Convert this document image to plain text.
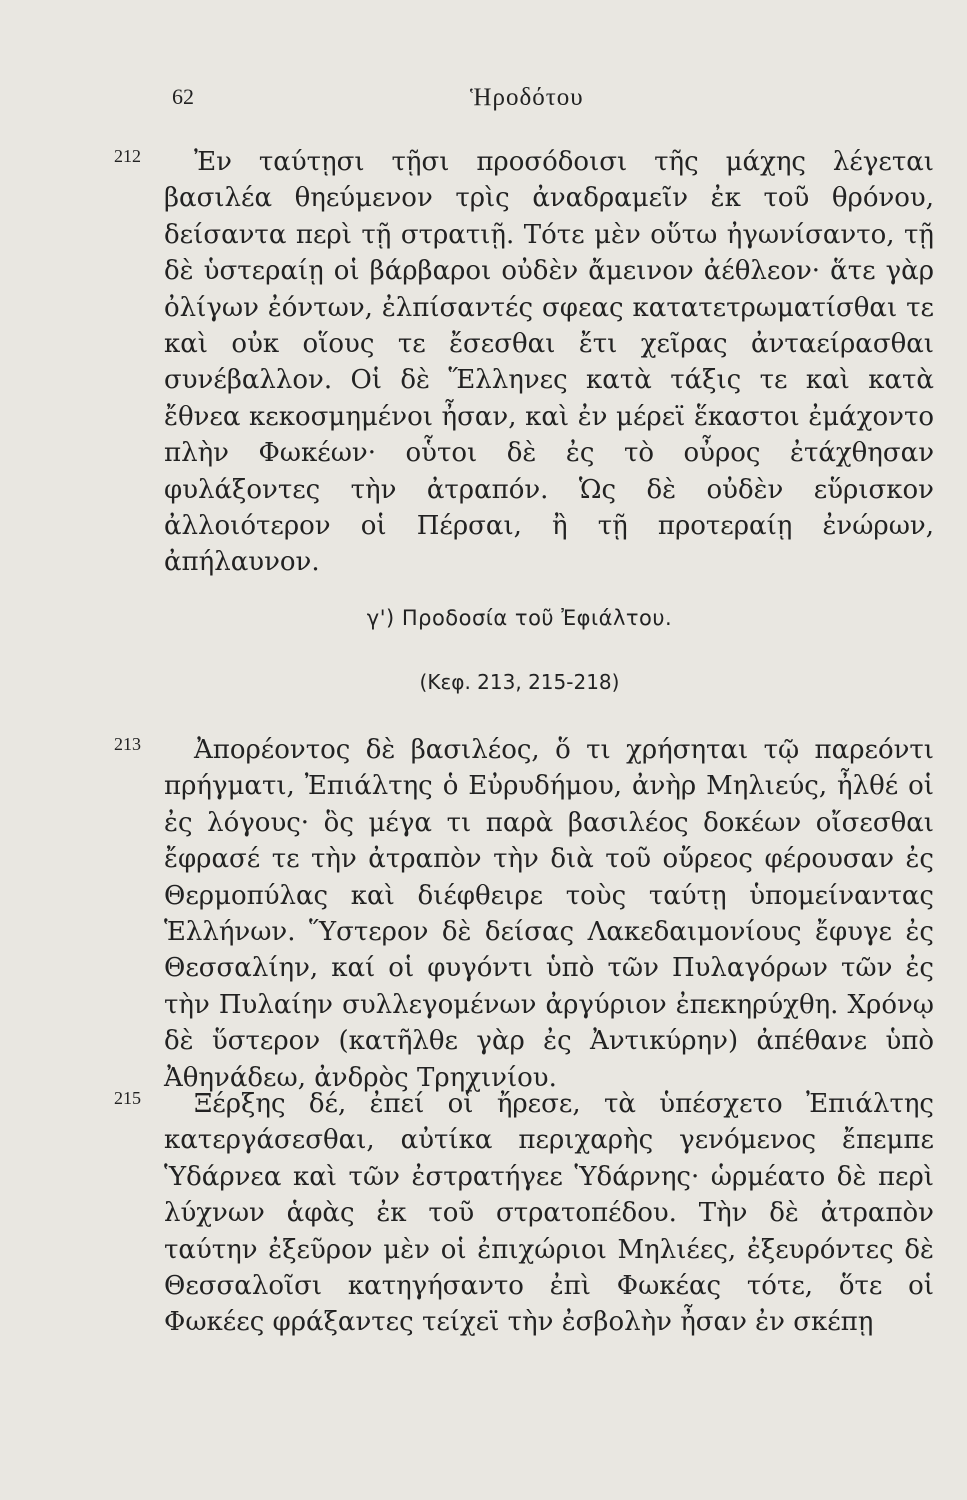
62	Ἡροδότου
212	Ἐν ταύτῃσι τῇσι προσόδοισι τῆς μάχης λέγεται βασιλέα θηεύμενον τρὶς ἀναδραμεῖν ἐκ τοῦ θρόνου, δείσαντα περὶ τῇ στρατιῇ. Τότε μὲν οὕτω ἠγωνίσαντο, τῇ δὲ ὑστεραίῃ οἱ βάρβαροι οὐδὲν ἄμεινον ἀέθλεον· ἅτε γὰρ ὀλίγων ἐόντων, ἐλπίσαντές σφεας κατατετρωματίσθαι τε καὶ οὐκ οἵους τε ἔσεσθαι ἔτι χεῖρας ἀνταείρασθαι συνέβαλλον. Οἱ δὲ Ἕλληνες κατὰ τάξις τε καὶ κατὰ ἔθνεα κεκοσμημένοι ἦσαν, καὶ ἐν μέρεϊ ἕκαστοι ἐμάχοντο πλὴν Φωκέων· οὗτοι δὲ ἐς τὸ οὖρος ἐτάχθησαν φυλάξοντες τὴν ἀτραπόν. Ὡς δὲ οὐδὲν εὕρισκον ἀλλοιότερον οἱ Πέρσαι, ἢ τῇ προτεραίῃ ἐνώρων, ἀπήλαυνον.

γ') Προδοσία τοῦ Ἐφιάλτου.
(Κεφ. 213, 215-218)
213	Ἀπορέοντος δὲ βασιλέος, ὅ τι χρήσηται τῷ παρεόντι πρήγματι, Ἐπιάλτης ὁ Εὐρυδήμου, ἀνὴρ Μηλιεύς, ἦλθέ οἱ ἐς λόγους· ὃς μέγα τι παρὰ βασιλέος δοκέων οἴσεσθαι ἔφρασέ τε τὴν ἀτραπὸν τὴν διὰ τοῦ οὔρεος φέρουσαν ἐς Θερμοπύλας καὶ διέφθειρε τοὺς ταύτῃ ὑπομείναντας Ἑλλήνων. Ὕστερον δὲ δείσας Λακεδαιμονίους ἔφυγε ἐς Θεσσαλίην, καί οἱ φυγόντι ὑπὸ τῶν Πυλαγόρων τῶν ἐς τὴν Πυλαίην συλλεγομένων ἀργύριον ἐπεκηρύχθη. Χρόνῳ δὲ ὕστερον (κατῆλθε γὰρ ἐς Ἀντικύρην) ἀπέθανε ὑπὸ Ἀθηνάδεω, ἀνδρὸς Τρηχινίου.

215	Ξέρξης δέ, ἐπεί οἱ ἤρεσε, τὰ ὑπέσχετο Ἐπιάλτης κατεργάσεσθαι, αὐτίκα περιχαρὴς γενόμενος ἔπεμπε Ὑδάρνεα καὶ τῶν ἐστρατήγεε Ὑδάρνης· ὡρμέατο δὲ περὶ λύχνων ἁφὰς ἐκ τοῦ στρατοπέδου. Τὴν δὲ ἀτραπὸν ταύτην ἐξεῦρον μὲν οἱ ἐπιχώριοι Μηλιέες, ἐξευρόντες δὲ Θεσσαλοῖσι κατηγήσαντο ἐπὶ Φωκέας τότε, ὅτε οἱ Φωκέες φράξαντες τείχεϊ τὴν ἐσβολὴν ἦσαν ἐν σκέπῃ
